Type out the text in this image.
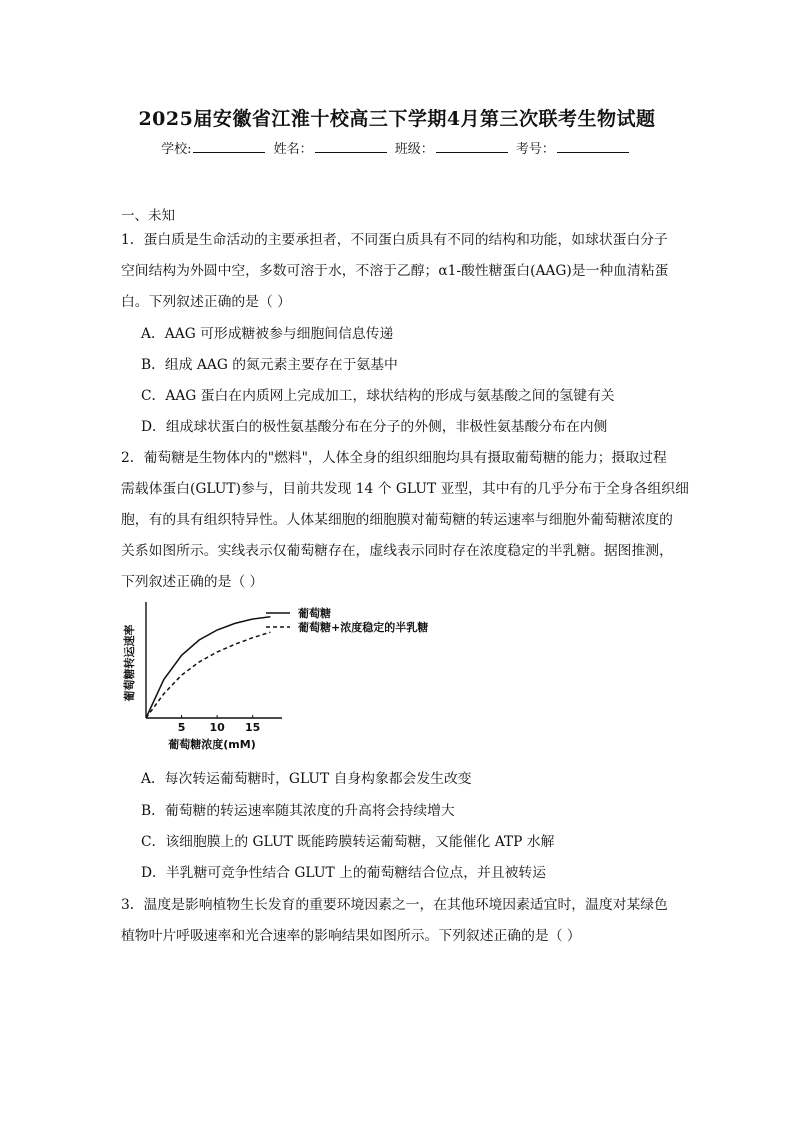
2025届安徽省江淮十校高三下学期4月第三次联考生物试题
学校:	姓名：	班级：	考号：
一、未知
1．蛋白质是生命活动的主要承担者，不同蛋白质具有不同的结构和功能，如球状蛋白分子
空间结构为外圆中空，多数可溶于水，不溶于乙醇；α1-酸性糖蛋白(AAG)是一种血清粘蛋
白。下列叙述正确的是（ ）
A．AAG 可形成糖被参与细胞间信息传递
B．组成 AAG 的氮元素主要存在于氨基中
C．AAG 蛋白在内质网上完成加工，球状结构的形成与氨基酸之间的氢键有关
D．组成球状蛋白的极性氨基酸分布在分子的外侧，非极性氨基酸分布在内侧
2．葡萄糖是生物体内的"燃料"，人体全身的组织细胞均具有摄取葡萄糖的能力；摄取过程
需载体蛋白(GLUT)参与，目前共发现 14 个 GLUT 亚型，其中有的几乎分布于全身各组织细
胞，有的具有组织特异性。人体某细胞的细胞膜对葡萄糖的转运速率与细胞外葡萄糖浓度的
关系如图所示。实线表示仅葡萄糖存在，虚线表示同时存在浓度稳定的半乳糖。据图推测，
下列叙述正确的是（ ）
5 10 15
葡萄糖浓度(mM)
葡萄糖转运速率
葡萄糖
葡萄糖+浓度稳定的半乳糖
A．每次转运葡萄糖时，GLUT 自身构象都会发生改变
B．葡萄糖的转运速率随其浓度的升高将会持续增大
C．该细胞膜上的 GLUT 既能跨膜转运葡萄糖，又能催化 ATP 水解
D．半乳糖可竞争性结合 GLUT 上的葡萄糖结合位点，并且被转运
3．温度是影响植物生长发育的重要环境因素之一，在其他环境因素适宜时，温度对某绿色
植物叶片呼吸速率和光合速率的影响结果如图所示。下列叙述正确的是（ ）
